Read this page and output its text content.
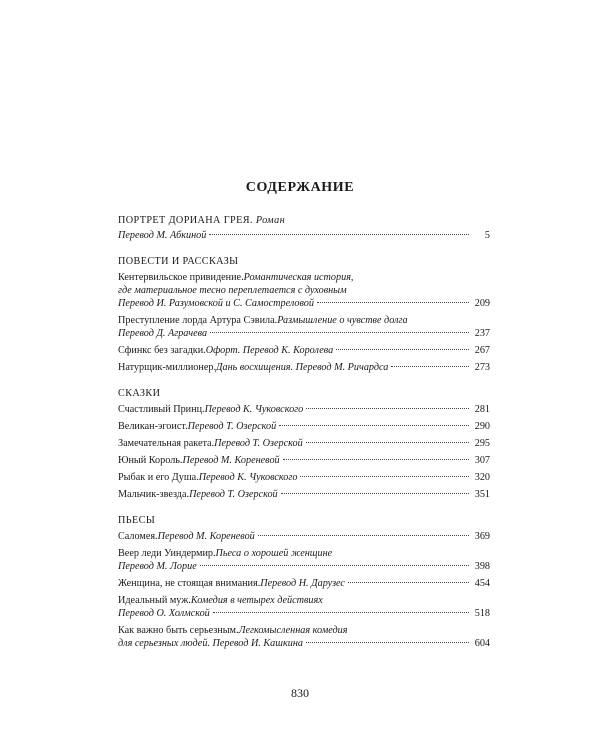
СОДЕРЖАНИЕ
ПОРТРЕТ ДОРИАНА ГРЕЯ. Роман
Перевод М. Абкиной	5
ПОВЕСТИ И РАССКАЗЫ
Кентервильское привидение. Романтическая история,
где материальное тесно переплетается с духовным
Перевод И. Разумовской и С. Самостреловой	209
Преступление лорда Артура Сэвила. Размышление о чувстве долга
Перевод Д. Аграчева	237
Сфинкс без загадки. Офорт. Перевод К. Королева	267
Натурщик-миллионер. Дань восхищения. Перевод М. Ричардса	273
СКАЗКИ
Счастливый Принц. Перевод К. Чуковского	281
Великан-эгоист. Перевод Т. Озерской	290
Замечательная ракета. Перевод Т. Озерской	295
Юный Король. Перевод М. Кореневой	307
Рыбак и его Душа. Перевод К. Чуковского	320
Мальчик-звезда. Перевод Т. Озерской	351
ПЬЕСЫ
Саломея. Перевод М. Кореневой	369
Веер леди Уиндермир. Пьеса о хорошей женщине
Перевод М. Лорие	398
Женщина, не стоящая внимания. Перевод Н. Дарузес	454
Идеальный муж. Комедия в четырех действиях
Перевод О. Холмской	518
Как важно быть серьезным. Легкомысленная комедия
для серьезных людей. Перевод И. Кашкина	604
830
